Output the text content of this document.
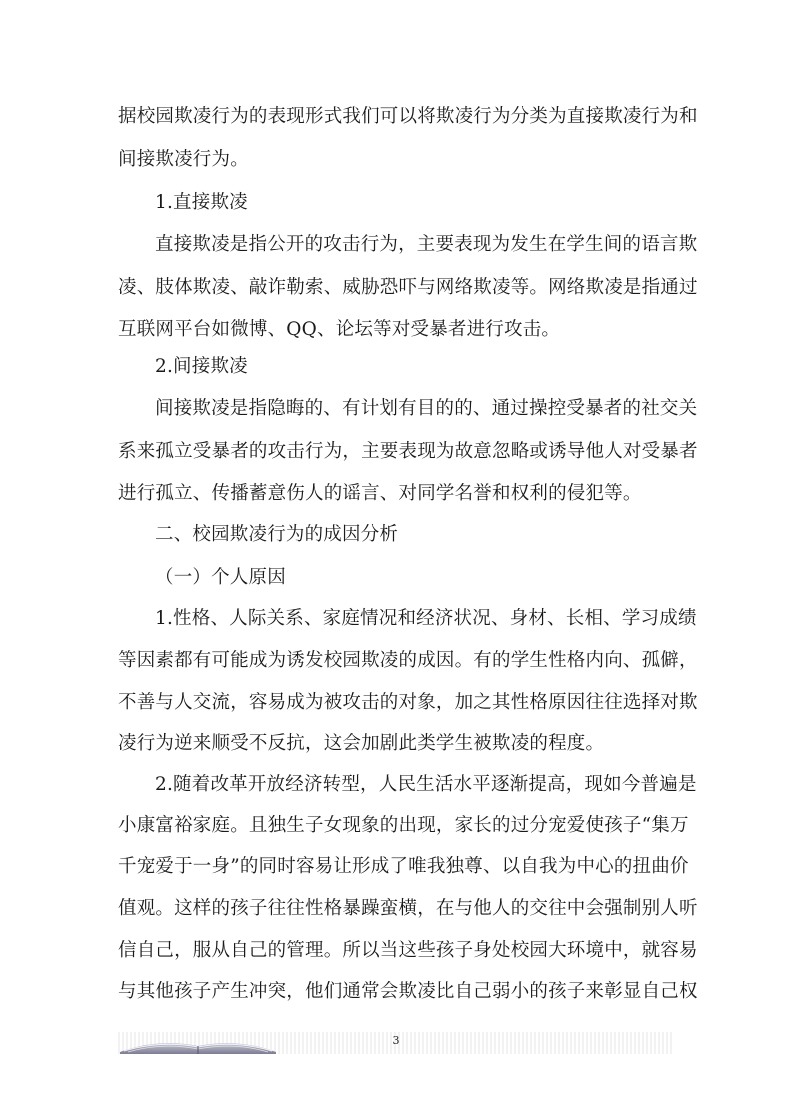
据校园欺凌行为的表现形式我们可以将欺凌行为分类为直接欺凌行为和
间接欺凌行为。
1.直接欺凌
直接欺凌是指公开的攻击行为，主要表现为发生在学生间的语言欺
凌、肢体欺凌、敲诈勒索、威胁恐吓与网络欺凌等。网络欺凌是指通过
互联网平台如微博、QQ、论坛等对受暴者进行攻击。
2.间接欺凌
间接欺凌是指隐晦的、有计划有目的的、通过操控受暴者的社交关
系来孤立受暴者的攻击行为，主要表现为故意忽略或诱导他人对受暴者
进行孤立、传播蓄意伤人的谣言、对同学名誉和权利的侵犯等。
二、校园欺凌行为的成因分析
（一）个人原因
1.性格、人际关系、家庭情况和经济状况、身材、长相、学习成绩
等因素都有可能成为诱发校园欺凌的成因。有的学生性格内向、孤僻，
不善与人交流，容易成为被攻击的对象，加之其性格原因往往选择对欺
凌行为逆来顺受不反抗，这会加剧此类学生被欺凌的程度。
2.随着改革开放经济转型，人民生活水平逐渐提高，现如今普遍是
小康富裕家庭。且独生子女现象的出现，家长的过分宠爱使孩子“集万
千宠爱于一身”的同时容易让形成了唯我独尊、以自我为中心的扭曲价
值观。这样的孩子往往性格暴躁蛮横，在与他人的交往中会强制别人听
信自己，服从自己的管理。所以当这些孩子身处校园大环境中，就容易
与其他孩子产生冲突，他们通常会欺凌比自己弱小的孩子来彰显自己权
3
